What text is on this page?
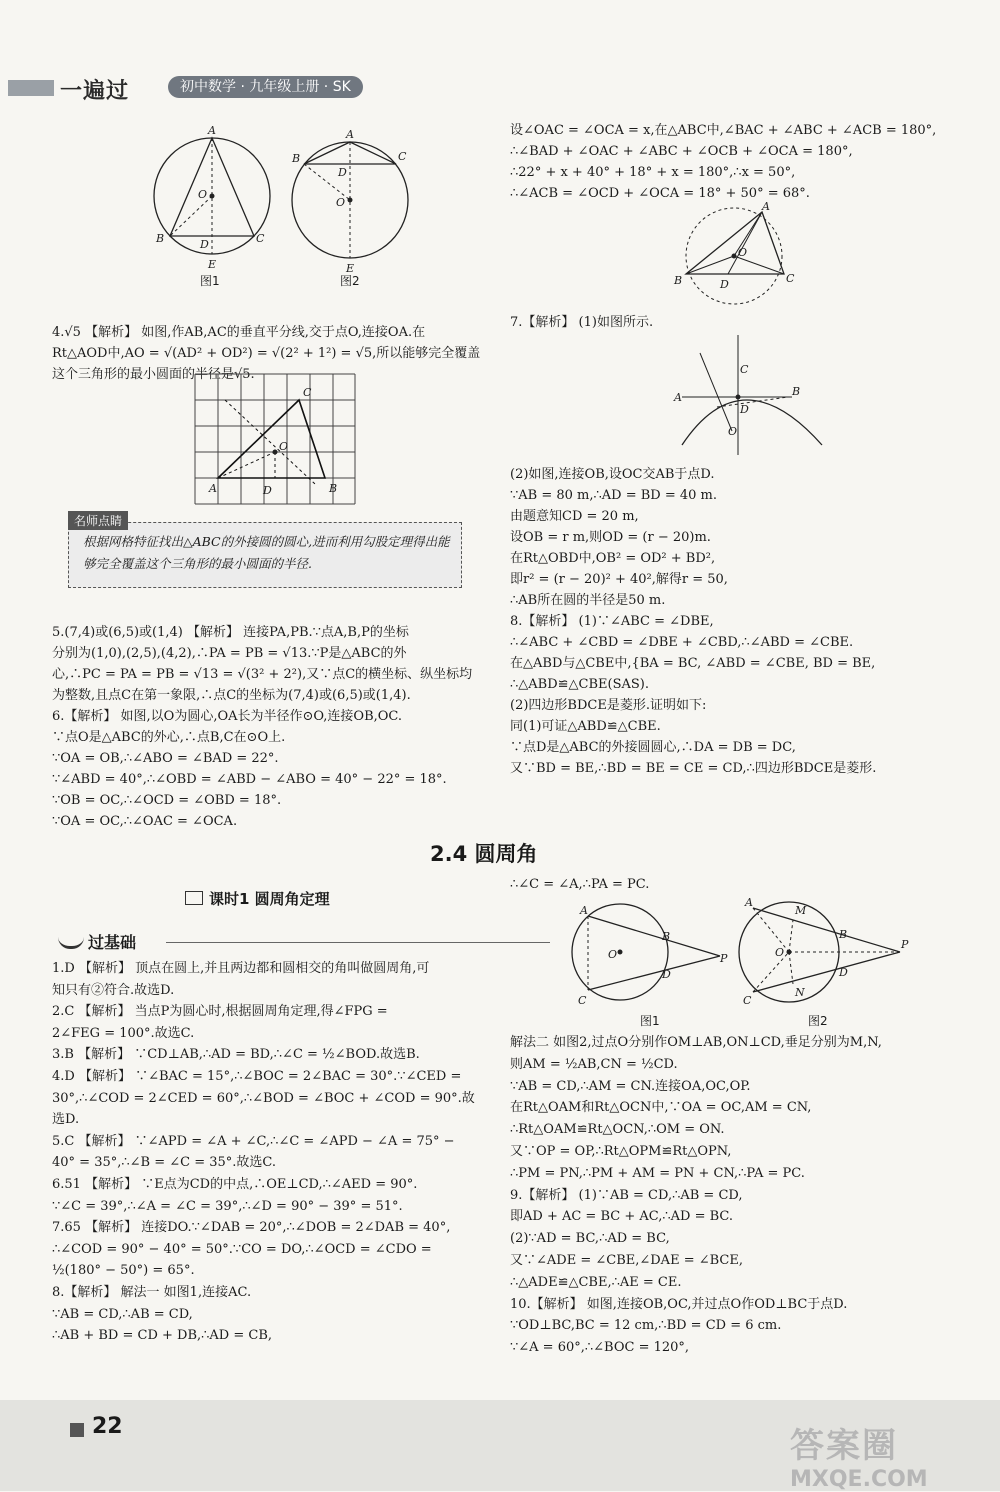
一遍过	初中数学 · 九年级上册 · SK
A
B	C
O
D
E
图1
A
B	C
O
D
E
图2

4.√5 【解析】 如图,作AB,AC的垂直平分线,交于点O,连接OA.在

Rt△AOD中,AO = √(AD² + OD²) = √(2² + 1²) = √5,所以能够完全覆盖

这个三角形的最小圆面的半径是√5.

A
C
O
D	B
名师点睛

根据网格特征找出△ABC的外接圆的圆心,进而利用勾股定理得出能够完全覆盖这个三角形的最小圆面的半径.

5.(7,4)或(6,5)或(1,4) 【解析】 连接PA,PB.∵点A,B,P的坐标

分别为(1,0),(2,5),(4,2),∴PA = PB = √13.∵P是△ABC的外

心,∴PC = PA = PB = √13 = √(3² + 2²),又∵点C的横坐标、纵坐标均

为整数,且点C在第一象限,∴点C的坐标为(7,4)或(6,5)或(1,4).

6.【解析】 如图,以O为圆心,OA长为半径作⊙O,连接OB,OC.

∵点O是△ABC的外心,∴点B,C在⊙O上.

∵OA = OB,∴∠ABO = ∠BAD = 22°.

∵∠ABD = 40°,∴∠OBD = ∠ABD − ∠ABO = 40° − 22° = 18°.

∵OB = OC,∴∠OCD = ∠OBD = 18°.

∵OA = OC,∴∠OAC = ∠OCA.

设∠OAC = ∠OCA = x,在△ABC中,∠BAC + ∠ABC + ∠ACB = 180°,

∴∠BAD + ∠OAC + ∠ABC + ∠OCB + ∠OCA = 180°,

∴22° + x + 40° + 18° + x = 180°,∴x = 50°,

∴∠ACB = ∠OCD + ∠OCA = 18° + 50° = 68°.

A
B	C
O
D

7.【解析】 (1)如图所示.

A	B
C
D
O

(2)如图,连接OB,设OC交AB于点D.

∵AB = 80 m,∴AD = BD = 40 m.

由题意知CD = 20 m,

设OB = r m,则OD = (r − 20)m.

在Rt△OBD中,OB² = OD² + BD²,

即r² = (r − 20)² + 40²,解得r = 50,

∴AB所在圆的半径是50 m.

8.【解析】 (1)∵∠ABC = ∠DBE,

∴∠ABC + ∠CBD = ∠DBE + ∠CBD,∴∠ABD = ∠CBE.

在△ABD与△CBE中,{BA = BC, ∠ABD = ∠CBE, BD = BE,

∴△ABD≌△CBE(SAS).

(2)四边形BDCE是菱形.证明如下:

同(1)可证△ABD≌△CBE.

∵点D是△ABC的外接圆圆心,∴DA = DB = DC,

又∵BD = BE,∴BD = BE = CE = CD,∴四边形BDCE是菱形.

2.4 圆周角
课时1 圆周角定理
过基础

1.D 【解析】 顶点在圆上,并且两边都和圆相交的角叫做圆周角,可

知只有②符合.故选D.

2.C 【解析】 当点P为圆心时,根据圆周角定理,得∠FPG =

2∠FEG = 100°.故选C.

3.B 【解析】 ∵CD⊥AB,∴AD = BD,∴∠C = ½∠BOD.故选B.

4.D 【解析】 ∵∠BAC = 15°,∴∠BOC = 2∠BAC = 30°.∵∠CED =

30°,∴∠COD = 2∠CED = 60°,∴∠BOD = ∠BOC + ∠COD = 90°.故

选D.

5.C 【解析】 ∵∠APD = ∠A + ∠C,∴∠C = ∠APD − ∠A = 75° −

40° = 35°,∴∠B = ∠C = 35°.故选C.

6.51 【解析】 ∵E点为CD的中点,∴OE⊥CD,∴∠AED = 90°.

∵∠C = 39°,∴∠A = ∠C = 39°,∴∠D = 90° − 39° = 51°.

7.65 【解析】 连接DO.∵∠DAB = 20°,∴∠DOB = 2∠DAB = 40°,

∴∠COD = 90° − 40° = 50°.∵CO = DO,∴∠OCD = ∠CDO =

½(180° − 50°) = 65°.

8.【解析】 解法一 如图1,连接AC.

∵AB = CD,∴AB = CD,

∴AB + BD = CD + DB,∴AD = CB,

∴∠C = ∠A,∴PA = PC.

A
B
D
C
O	P
图1
A
M
B
O
D
N
C
P
图2

解法二 如图2,过点O分别作OM⊥AB,ON⊥CD,垂足分别为M,N,

则AM = ½AB,CN = ½CD.

∵AB = CD,∴AM = CN.连接OA,OC,OP.

在Rt△OAM和Rt△OCN中,∵OA = OC,AM = CN,

∴Rt△OAM≌Rt△OCN,∴OM = ON.

又∵OP = OP,∴Rt△OPM≌Rt△OPN,

∴PM = PN,∴PM + AM = PN + CN,∴PA = PC.

9.【解析】 (1)∵AB = CD,∴AB = CD,

即AD + AC = BC + AC,∴AD = BC.

(2)∵AD = BC,∴AD = BC,

又∵∠ADE = ∠CBE,∠DAE = ∠BCE,

∴△ADE≌△CBE,∴AE = CE.

10.【解析】 如图,连接OB,OC,并过点O作OD⊥BC于点D.

∵OD⊥BC,BC = 12 cm,∴BD = CD = 6 cm.

∵∠A = 60°,∴∠BOC = 120°,

22	答案圈
MXQE.COM
